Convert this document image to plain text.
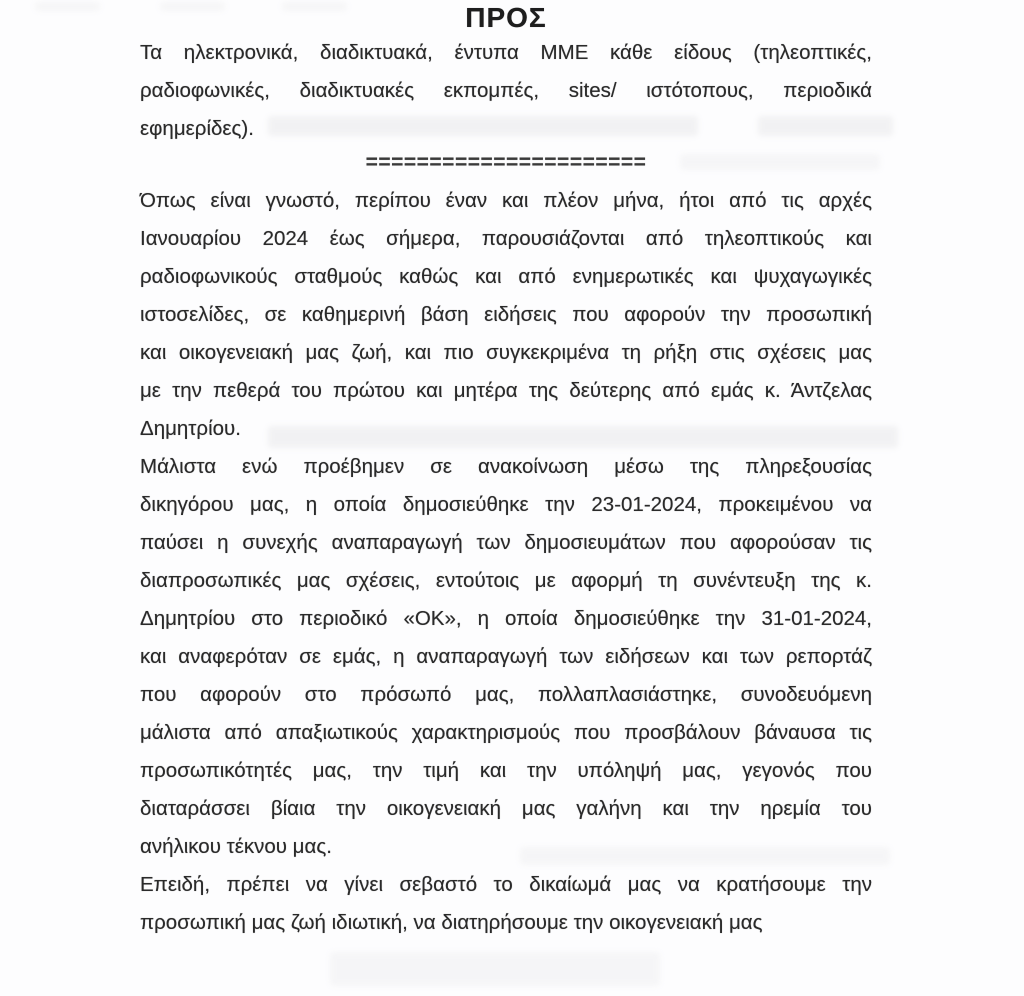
ΠΡΟΣ
Τα ηλεκτρονικά, διαδικτυακά, έντυπα ΜΜΕ κάθε είδους (τηλεοπτικές,
ραδιοφωνικές, διαδικτυακές εκπομπές, sites/ ιστότοπους, περιοδικά
εφημερίδες).
======================
Όπως είναι γνωστό, περίπου έναν και πλέον μήνα, ήτοι από τις αρχές
Ιανουαρίου 2024 έως σήμερα, παρουσιάζονται από τηλεοπτικούς και
ραδιοφωνικούς σταθμούς καθώς και από ενημερωτικές και ψυχαγωγικές
ιστοσελίδες, σε καθημερινή βάση ειδήσεις που αφορούν την προσωπική
και οικογενειακή μας ζωή, και πιο συγκεκριμένα τη ρήξη στις σχέσεις μας
με την πεθερά του πρώτου και μητέρα της δεύτερης από εμάς κ. Άντζελας
Δημητρίου.
Μάλιστα ενώ προέβημεν σε ανακοίνωση μέσω της πληρεξουσίας
δικηγόρου μας, η οποία δημοσιεύθηκε την 23-01-2024, προκειμένου να
παύσει η συνεχής αναπαραγωγή των δημοσιευμάτων που αφορούσαν τις
διαπροσωπικές μας σχέσεις, εντούτοις με αφορμή τη συνέντευξη της κ.
Δημητρίου στο περιοδικό «ΟΚ», η οποία δημοσιεύθηκε την 31-01-2024,
και αναφερόταν σε εμάς, η αναπαραγωγή των ειδήσεων και των ρεπορτάζ
που αφορούν στο πρόσωπό μας, πολλαπλασιάστηκε, συνοδευόμενη
μάλιστα από απαξιωτικούς χαρακτηρισμούς που προσβάλουν βάναυσα τις
προσωπικότητές μας, την τιμή και την υπόληψή μας, γεγονός που
διαταράσσει βίαια την οικογενειακή μας γαλήνη και την ηρεμία του
ανήλικου τέκνου μας.
Επειδή, πρέπει να γίνει σεβαστό το δικαίωμά μας να κρατήσουμε την
προσωπική μας ζωή ιδιωτική, να διατηρήσουμε την οικογενειακή μας
